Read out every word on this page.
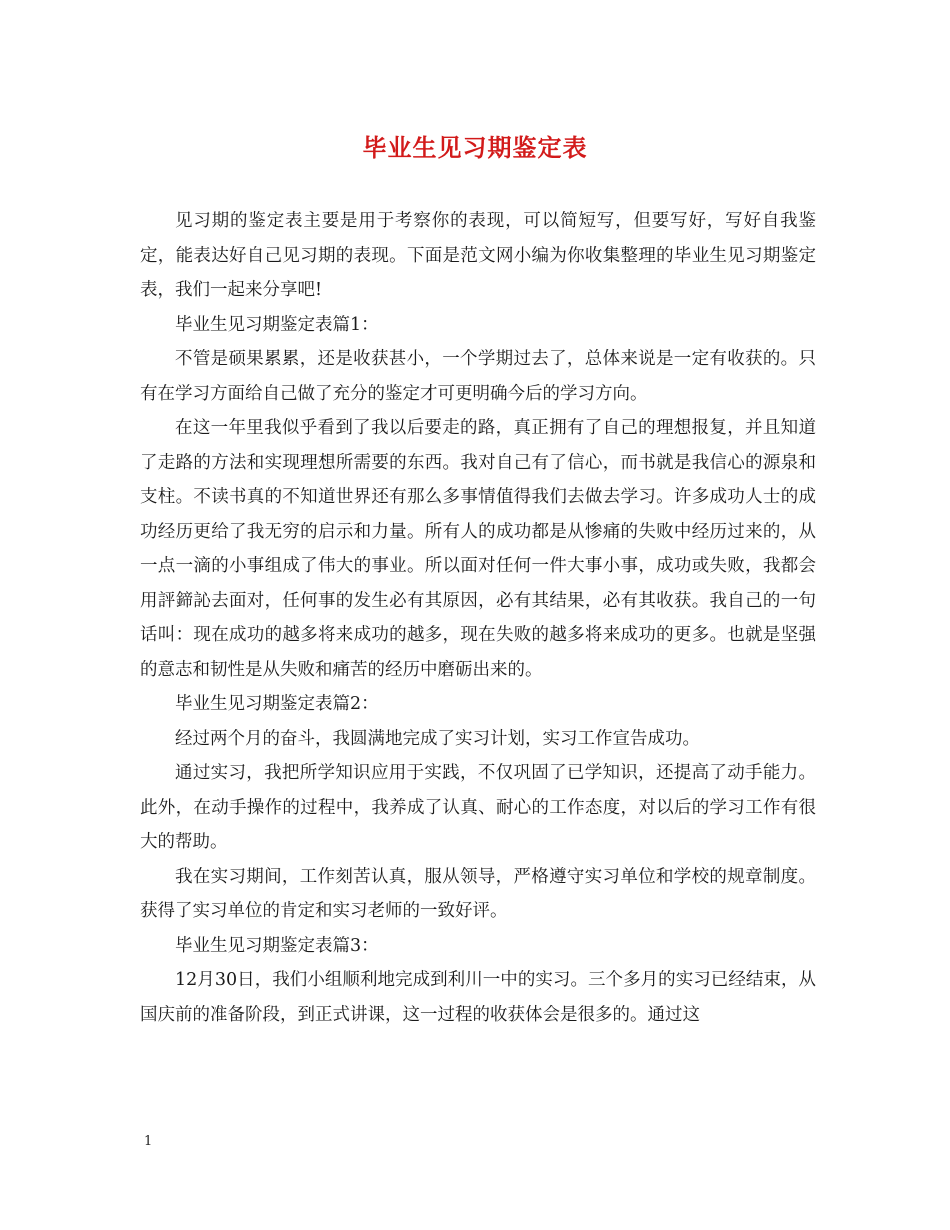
毕业生见习期鉴定表

见习期的鉴定表主要是用于考察你的表现，可以简短写，但要写好，写好自我鉴定，能表达好自己见习期的表现。下面是范文网小编为你收集整理的毕业生见习期鉴定表，我们一起来分享吧!

毕业生见习期鉴定表篇1：

不管是硕果累累，还是收获甚小，一个学期过去了，总体来说是一定有收获的。只有在学习方面给自己做了充分的鉴定才可更明确今后的学习方向。

在这一年里我似乎看到了我以后要走的路，真正拥有了自己的理想报复，并且知道了走路的方法和实现理想所需要的东西。我对自己有了信心，而书就是我信心的源泉和支柱。不读书真的不知道世界还有那么多事情值得我们去做去学习。许多成功人士的成功经历更给了我无穷的启示和力量。所有人的成功都是从惨痛的失败中经历过来的，从一点一滴的小事组成了伟大的事业。所以面对任何一件大事小事，成功或失败，我都会用評鍗訫去面对，任何事的发生必有其原因，必有其结果，必有其收获。我自己的一句话叫：现在成功的越多将来成功的越多，现在失败的越多将来成功的更多。也就是坚强的意志和韧性是从失败和痛苦的经历中磨砺出来的。

毕业生见习期鉴定表篇2：

经过两个月的奋斗，我圆满地完成了实习计划，实习工作宣告成功。

通过实习，我把所学知识应用于实践，不仅巩固了已学知识，还提高了动手能力。此外，在动手操作的过程中，我养成了认真、耐心的工作态度，对以后的学习工作有很大的帮助。

我在实习期间，工作刻苦认真，服从领导，严格遵守实习单位和学校的规章制度。获得了实习单位的肯定和实习老师的一致好评。

毕业生见习期鉴定表篇3：

12月30日，我们小组顺利地完成到利川一中的实习。三个多月的实习已经结束，从国庆前的准备阶段，到正式讲课，这一过程的收获体会是很多的。通过这

1
